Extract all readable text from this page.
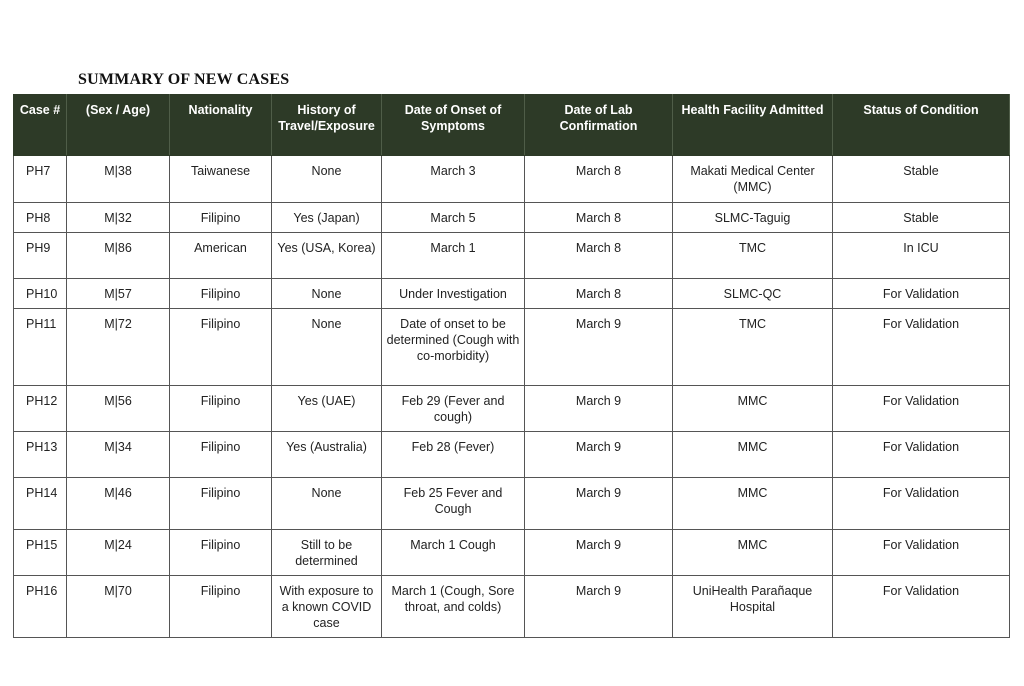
SUMMARY OF NEW CASES
Case #	(Sex / Age)	Nationality	History of Travel/Exposure	Date of Onset of Symptoms	Date of Lab Confirmation	Health Facility Admitted	Status of Condition
PH7	M|38	Taiwanese	None	March 3	March 8	Makati Medical Center (MMC)	Stable
PH8	M|32	Filipino	Yes (Japan)	March 5	March 8	SLMC-Taguig	Stable
PH9	M|86	American	Yes (USA, Korea)	March 1	March 8	TMC	In ICU
PH10	M|57	Filipino	None	Under Investigation	March 8	SLMC-QC	For Validation
PH11	M|72	Filipino	None	Date of onset to be determined (Cough with co-morbidity)	March 9	TMC	For Validation
PH12	M|56	Filipino	Yes (UAE)	Feb 29 (Fever and cough)	March 9	MMC	For Validation
PH13	M|34	Filipino	Yes (Australia)	Feb 28 (Fever)	March 9	MMC	For Validation
PH14	M|46	Filipino	None	Feb 25 Fever and Cough	March 9	MMC	For Validation
PH15	M|24	Filipino	Still to be determined	March 1 Cough	March 9	MMC	For Validation
PH16	M|70	Filipino	With exposure to a known COVID case	March 1 (Cough, Sore throat, and colds)	March 9	UniHealth Parañaque Hospital	For Validation
